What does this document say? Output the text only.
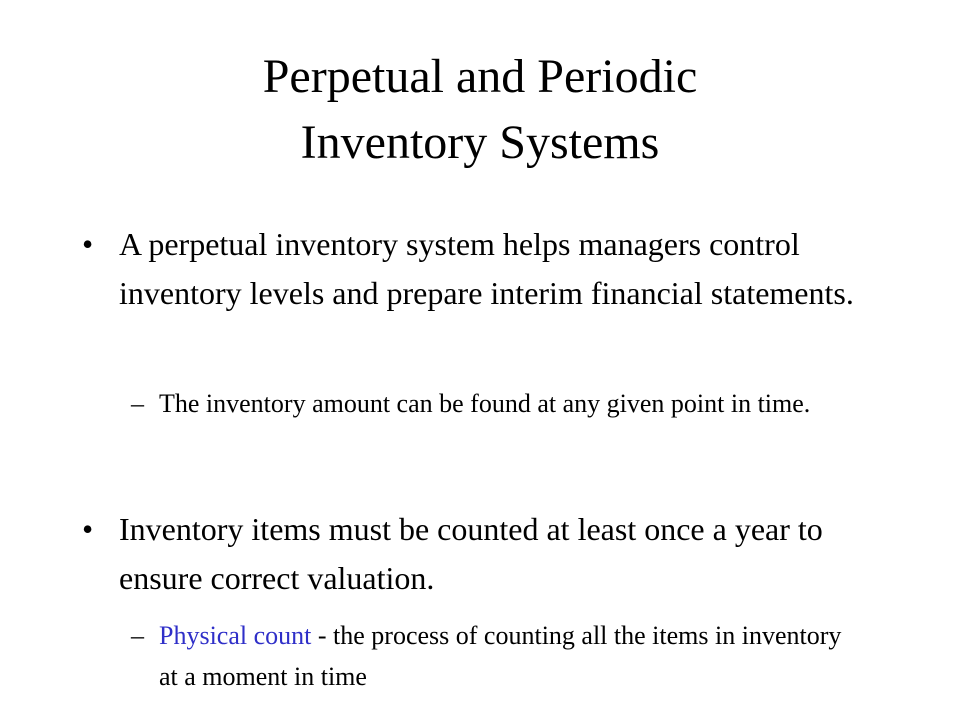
Perpetual and Periodic
Inventory Systems
• A perpetual inventory system helps managers control inventory levels and prepare interim financial statements.
– The inventory amount can be found at any given point in time.
• Inventory items must be counted at least once a year to ensure correct valuation.
– Physical count - the process of counting all the items in inventory at a moment in time
